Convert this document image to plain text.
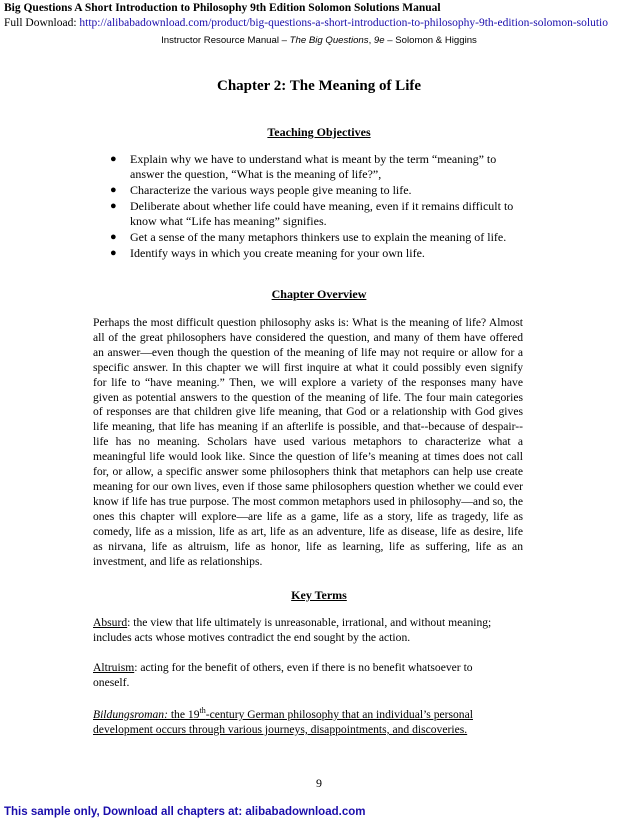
Big Questions A Short Introduction to Philosophy 9th Edition Solomon Solutions Manual
Full Download: http://alibabadownload.com/product/big-questions-a-short-introduction-to-philosophy-9th-edition-solomon-solutio
Instructor Resource Manual – The Big Questions, 9e – Solomon & Higgins
Chapter 2: The Meaning of Life
Teaching Objectives
● Explain why we have to understand what is meant by the term “meaning” to answer the question, “What is the meaning of life?”,
● Characterize the various ways people give meaning to life.
● Deliberate about whether life could have meaning, even if it remains difficult to know what “Life has meaning” signifies.
● Get a sense of the many metaphors thinkers use to explain the meaning of life.
● Identify ways in which you create meaning for your own life.
Chapter Overview
Perhaps the most difficult question philosophy asks is: What is the meaning of life? Almost all of the great philosophers have considered the question, and many of them have offered an answer—even though the question of the meaning of life may not require or allow for a specific answer. In this chapter we will first inquire at what it could possibly even signify for life to “have meaning.” Then, we will explore a variety of the responses many have given as potential answers to the question of the meaning of life. The four main categories of responses are that children give life meaning, that God or a relationship with God gives life meaning, that life has meaning if an afterlife is possible, and that--because of despair-- life has no meaning. Scholars have used various metaphors to characterize what a meaningful life would look like. Since the question of life’s meaning at times does not call for, or allow, a specific answer some philosophers think that metaphors can help use create meaning for our own lives, even if those same philosophers question whether we could ever know if life has true purpose. The most common metaphors used in philosophy—and so, the ones this chapter will explore—are life as a game, life as a story, life as tragedy, life as comedy, life as a mission, life as art, life as an adventure, life as disease, life as desire, life as nirvana, life as altruism, life as honor, life as learning, life as suffering, life as an investment, and life as relationships.
Key Terms
Absurd: the view that life ultimately is unreasonable, irrational, and without meaning;
includes acts whose motives contradict the end sought by the action.
Altruism: acting for the benefit of others, even if there is no benefit whatsoever to
oneself.
Bildungsroman: the 19th-century German philosophy that an individual’s personal
development occurs through various journeys, disappointments, and discoveries.
9
This sample only, Download all chapters at: alibabadownload.com
